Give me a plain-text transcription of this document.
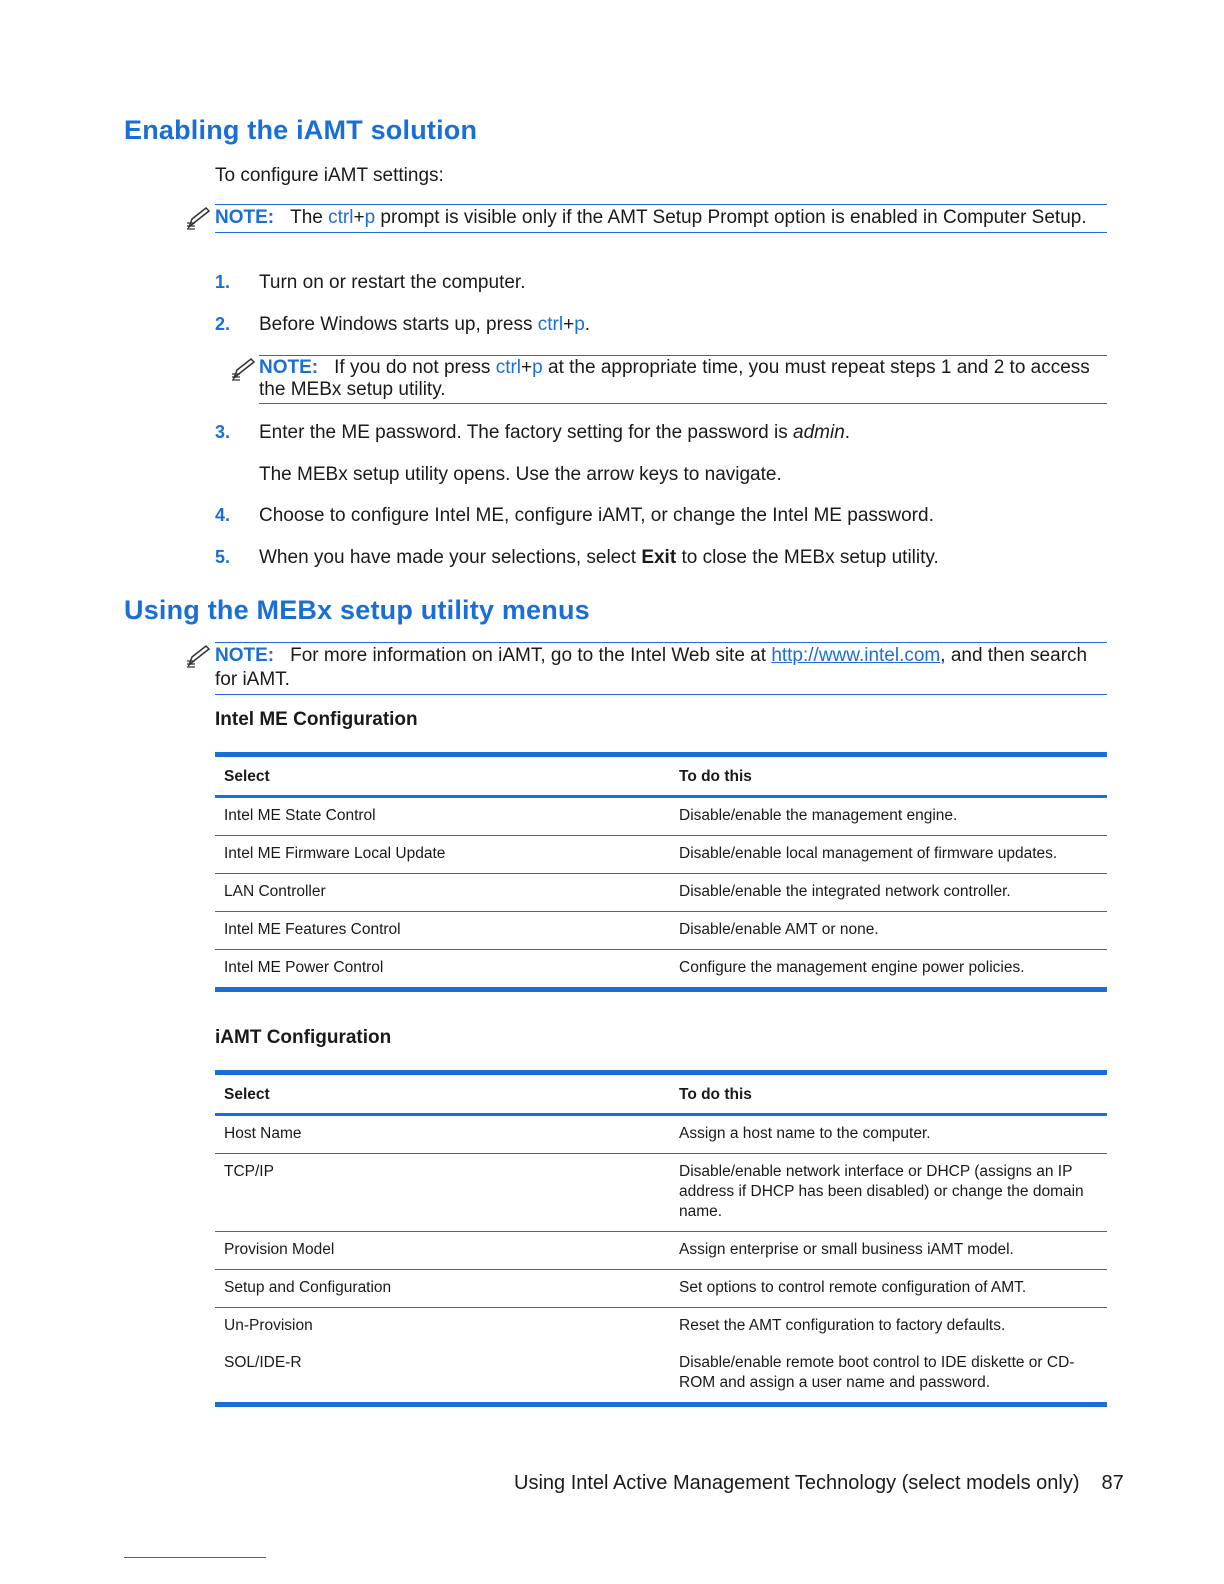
Enabling the iAMT solution

To configure iAMT settings:

NOTE: The ctrl+p prompt is visible only if the AMT Setup Prompt option is enabled in Computer Setup.
1. Turn on or restart the computer.
2. Before Windows starts up, press ctrl+p.
NOTE: If you do not press ctrl+p at the appropriate time, you must repeat steps 1 and 2 to access the MEBx setup utility.
3. Enter the ME password. The factory setting for the password is admin.

The MEBx setup utility opens. Use the arrow keys to navigate.

4. Choose to configure Intel ME, configure iAMT, or change the Intel ME password.
5. When you have made your selections, select Exit to close the MEBx setup utility.
Using the MEBx setup utility menus
NOTE: For more information on iAMT, go to the Intel Web site at http://www.intel.com, and then search for iAMT.

Intel ME Configuration

Select	To do this
Intel ME State Control	Disable/enable the management engine.
Intel ME Firmware Local Update	Disable/enable local management of firmware updates.
LAN Controller	Disable/enable the integrated network controller.
Intel ME Features Control	Disable/enable AMT or none.
Intel ME Power Control	Configure the management engine power policies.

iAMT Configuration

Select	To do this
Host Name	Assign a host name to the computer.
TCP/IP	Disable/enable network interface or DHCP (assigns an IP address if DHCP has been disabled) or change the domain name.
Provision Model	Assign enterprise or small business iAMT model.
Setup and Configuration	Set options to control remote configuration of AMT.
Un-Provision	Reset the AMT configuration to factory defaults.
SOL/IDE-R	Disable/enable remote boot control to IDE diskette or CD-ROM and assign a user name and password.
Using Intel Active Management Technology (select models only) 87
